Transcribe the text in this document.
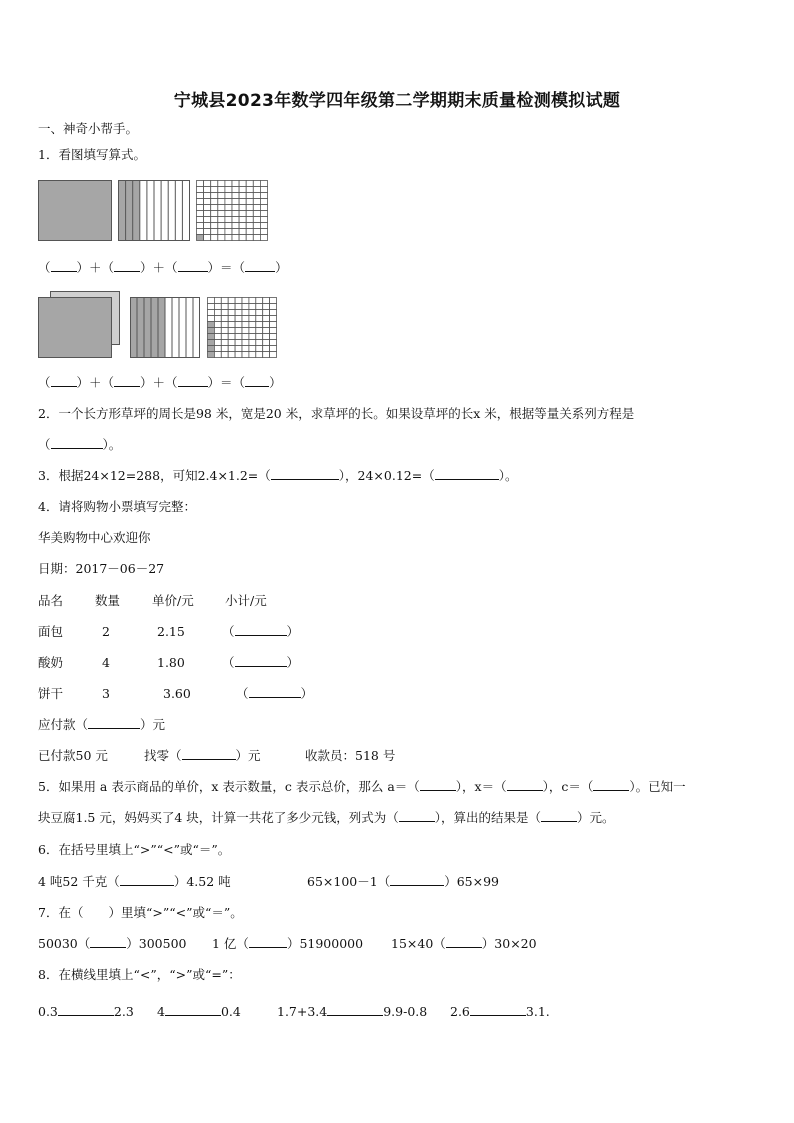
宁城县2023年数学四年级第二学期期末质量检测模拟试题
一、神奇小帮手。
1．看图填写算式。
（ ）＋（ ）＋（ ）＝（ ）
（ ）＋（ ）＋（ ）＝（ ）
2．一个长方形草坪的周长是98 米，宽是20 米，求草坪的长。如果设草坪的长x 米，根据等量关系列方程是
（	）。
3．根据24×12=288，可知2.4×1.2=（	），24×0.12=（	）。
4．请将购物小票填写完整：
华美购物中心欢迎你
日期：2017－06－27
品名	数量	单价/元	小计/元
面包	2	2.15	（	）
酸奶	4	1.80	（	）
饼干	3	3.60	（	）
应付款（	）元
已付款50 元	找零（	）元	收款员：518 号
5．如果用 a 表示商品的单价，x 表示数量，c 表示总价，那么 a＝（	），x＝（	），c＝（	）。已知一
块豆腐1.5 元，妈妈买了4 块，计算一共花了多少元钱，列式为（	），算出的结果是（	）元。
6．在括号里填上“>”“<”或“＝”。
4 吨52 千克（	）4.52 吨	65×100－1（	）65×99
7．在（　　）里填“>”“<”或“＝”。
50030（	）300500 1 亿（	）51900000 15×40（	）30×20
8．在横线里填上“<”，“>”或“=”：
0.3	2.3 4	0.4	1.7+3.4	9.9-0.8 2.6	3.1.
